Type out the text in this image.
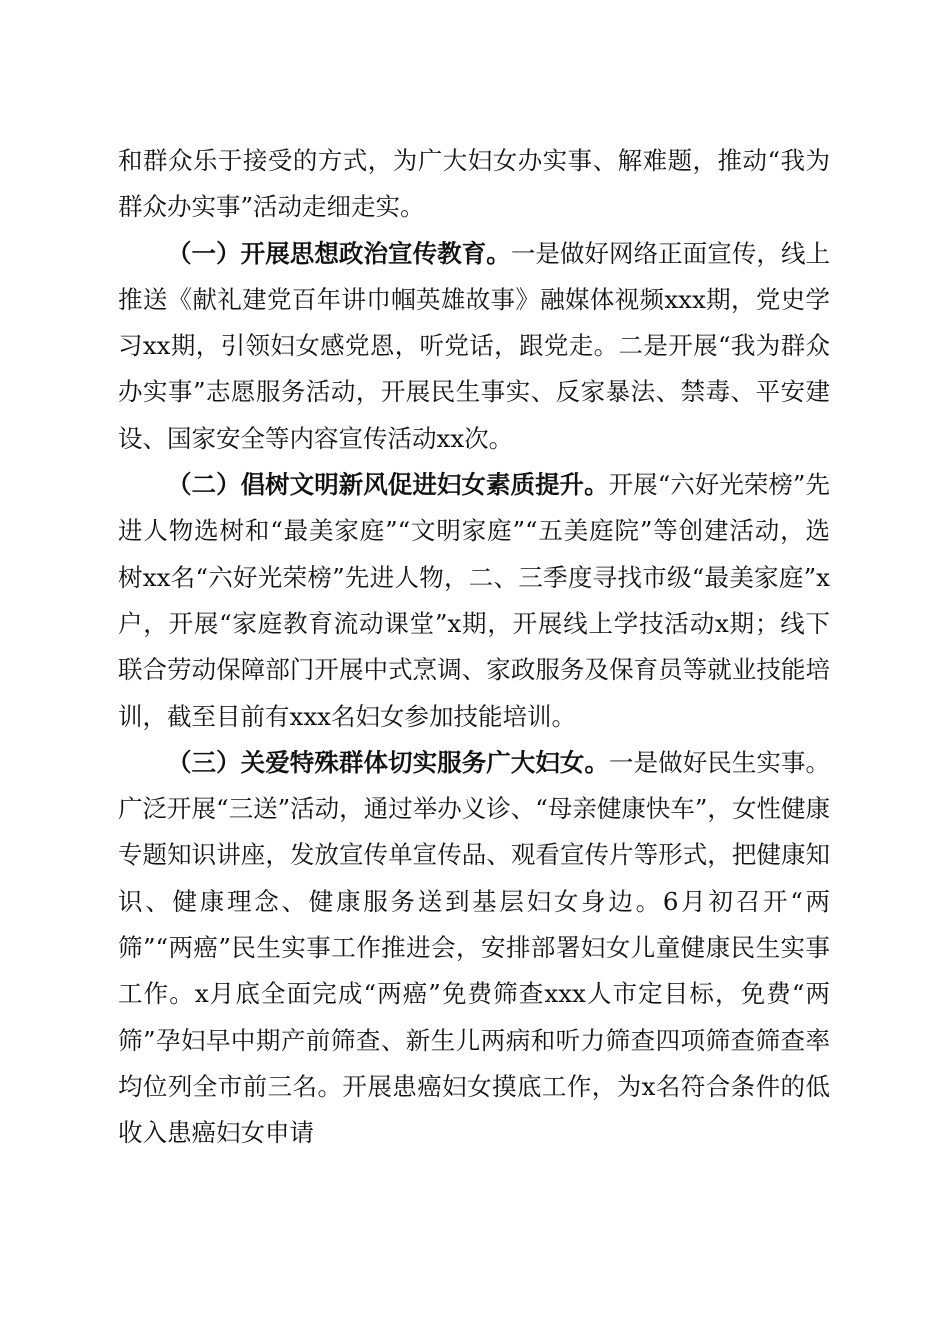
和群众乐于接受的方式，为广大妇女办实事、解难题，推动“我为群众办实事”活动走细走实。

（一）开展思想政治宣传教育。一是做好网络正面宣传，线上推送《献礼建党百年讲巾帼英雄故事》融媒体视频xxx期，党史学习xx期，引领妇女感党恩，听党话，跟党走。二是开展“我为群众办实事”志愿服务活动，开展民生事实、反家暴法、禁毒、平安建设、国家安全等内容宣传活动xx次。

（二）倡树文明新风促进妇女素质提升。开展“六好光荣榜”先进人物选树和“最美家庭”“文明家庭”“五美庭院”等创建活动，选树xx名“六好光荣榜”先进人物，二、三季度寻找市级“最美家庭”x户，开展“家庭教育流动课堂”x期，开展线上学技活动x期；线下联合劳动保障部门开展中式烹调、家政服务及保育员等就业技能培训，截至目前有xxx名妇女参加技能培训。

（三）关爱特殊群体切实服务广大妇女。一是做好民生实事。广泛开展“三送”活动，通过举办义诊、“母亲健康快车”，女性健康专题知识讲座，发放宣传单宣传品、观看宣传片等形式，把健康知识、健康理念、健康服务送到基层妇女身边。6月初召开“两筛”“两癌”民生实事工作推进会，安排部署妇女儿童健康民生实事工作。x月底全面完成“两癌”免费筛查xxx人市定目标，免费“两筛”孕妇早中期产前筛查、新生儿两病和听力筛查四项筛查筛查率均位列全市前三名。开展患癌妇女摸底工作，为x名符合条件的低收入患癌妇女申请
